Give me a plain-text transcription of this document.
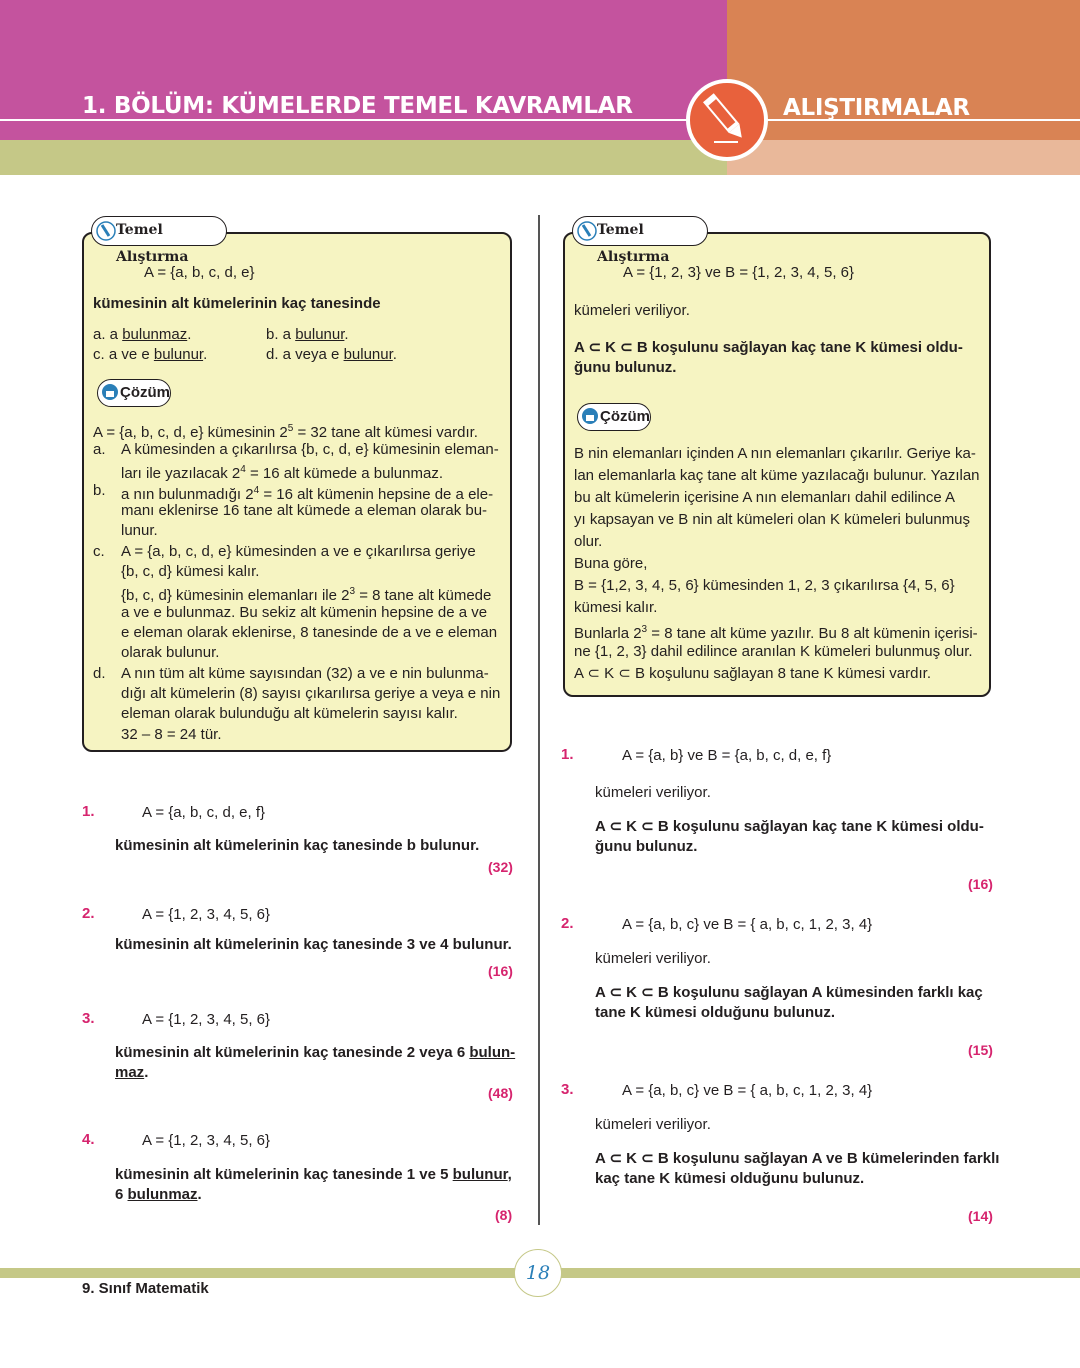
1. BÖLÜM: KÜMELERDE TEMEL KAVRAMLAR	ALIŞTIRMALAR
Temel Alıştırma
A = {a, b, c, d, e}
kümesinin alt kümelerinin kaç tanesinde
a. a bulunmaz.	b. a bulunur.
c. a ve e bulunur.	d. a veya e bulunur.
Çözüm
A = {a, b, c, d, e} kümesinin $2^5 = 32$ tane alt kümesi vardır.
a. A kümesinden a çıkarılırsa {b, c, d, e} kümesinin eleman-
ları ile yazılacak $2^4 = 16$ alt kümede a bulunmaz.
b. a nın bulunmadığı $2^4 = 16$ alt kümenin hepsine de a ele-
manı eklenirse 16 tane alt kümede a eleman olarak bu-
lunur.
c. A = {a, b, c, d, e} kümesinden a ve e çıkarılırsa geriye
{b, c, d} kümesi kalır.
{b, c, d} kümesinin elemanları ile $2^3 = 8$ tane alt kümede
a ve e bulunmaz. Bu sekiz alt kümenin hepsine de a ve
e eleman olarak eklenirse, 8 tanesinde de a ve e eleman
olarak bulunur.
d. A nın tüm alt küme sayısından (32) a ve e nin bulunma-
dığı alt kümelerin (8) sayısı çıkarılırsa geriye a veya e nin
eleman olarak bulunduğu alt kümelerin sayısı kalır.
32 – 8 = 24 tür.
Temel Alıştırma
A = {1, 2, 3} ve B = {1, 2, 3, 4, 5, 6}
kümeleri veriliyor.
A ⊂ K ⊂ B koşulunu sağlayan kaç tane K kümesi oldu-
ğunu bulunuz.
Çözüm
B nin elemanları içinden A nın elemanları çıkarılır. Geriye ka-
lan elemanlarla kaç tane alt küme yazılacağı bulunur. Yazılan
bu alt kümelerin içerisine A nın elemanları dahil edilince A
yı kapsayan ve B nin alt kümeleri olan K kümeleri bulunmuş
olur.
Buna göre,
B = {1,2, 3, 4, 5, 6} kümesinden 1, 2, 3 çıkarılırsa {4, 5, 6}
kümesi kalır.
Bunlarla $2^3 = 8$ tane alt küme yazılır. Bu 8 alt kümenin içerisi-
ne {1, 2, 3} dahil edilince aranılan K kümeleri bulunmuş olur.
A ⊂ K ⊂ B koşulunu sağlayan 8 tane K kümesi vardır.
1.	A = {a, b, c, d, e, f}
kümesinin alt kümelerinin kaç tanesinde b bulunur.
(32)
2.	A = {1, 2, 3, 4, 5, 6}
kümesinin alt kümelerinin kaç tanesinde 3 ve 4 bulunur.
(16)
3.	A = {1, 2, 3, 4, 5, 6}
kümesinin alt kümelerinin kaç tanesinde 2 veya 6 bulun-
maz.
(48)
4.	A = {1, 2, 3, 4, 5, 6}
kümesinin alt kümelerinin kaç tanesinde 1 ve 5 bulunur,
6 bulunmaz.
(8)
1.	A = {a, b} ve B = {a, b, c, d, e, f}
kümeleri veriliyor.
A ⊂ K ⊂ B koşulunu sağlayan kaç tane K kümesi oldu-
ğunu bulunuz.
(16)
2.	A = {a, b, c} ve B = { a, b, c, 1, 2, 3, 4}
kümeleri veriliyor.
A ⊂ K ⊂ B koşulunu sağlayan A kümesinden farklı kaç
tane K kümesi olduğunu bulunuz.
(15)
3.	A = {a, b, c} ve B = { a, b, c, 1, 2, 3, 4}
kümeleri veriliyor.
A ⊂ K ⊂ B koşulunu sağlayan A ve B kümelerinden farklı
kaç tane K kümesi olduğunu bulunuz.
(14)
18
9. Sınıf Matematik
